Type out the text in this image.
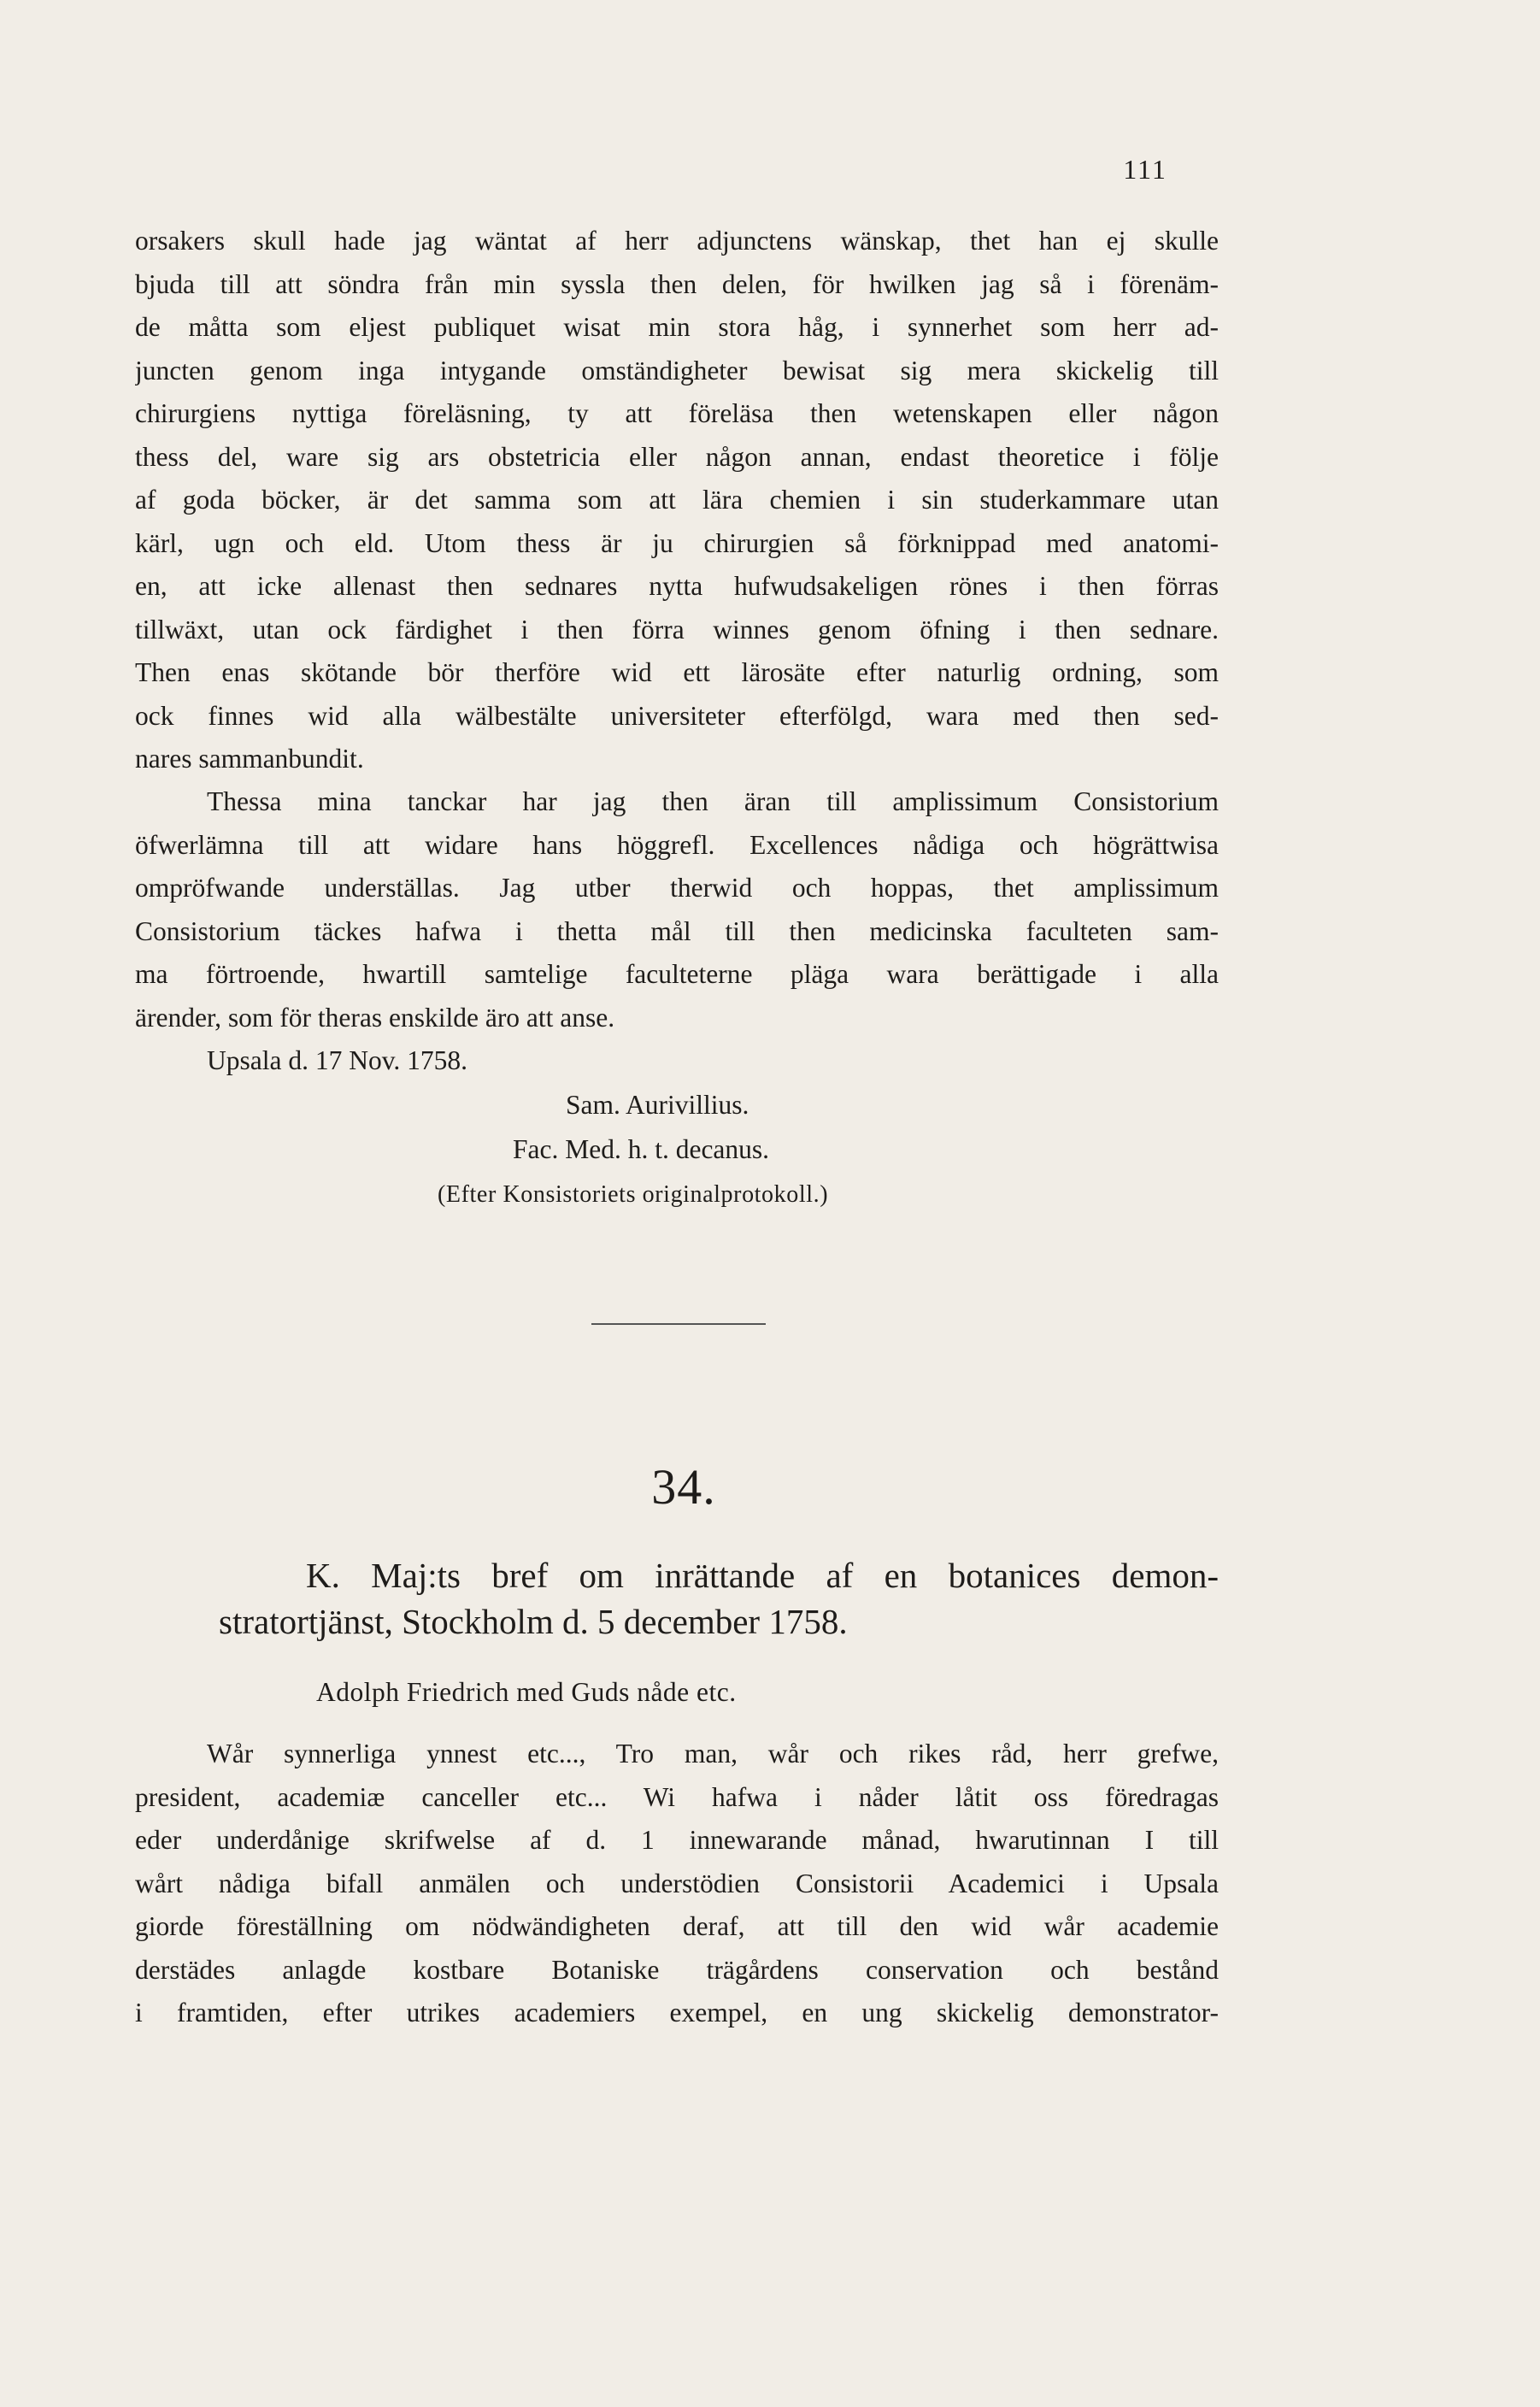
111
orsakers skull hade jag wäntat af herr adjunctens wänskap, thet han ej skulle
bjuda till att söndra från min syssla then delen, för hwilken jag så i förenäm-
de måtta som eljest publiquet wisat min stora håg, i synnerhet som herr ad-
juncten genom inga intygande omständigheter bewisat sig mera skickelig till
chirurgiens nyttiga föreläsning, ty att föreläsa then wetenskapen eller någon
thess del, ware sig ars obstetricia eller någon annan, endast theoretice i följe
af goda böcker, är det samma som att lära chemien i sin studerkammare utan
kärl, ugn och eld. Utom thess är ju chirurgien så förknippad med anatomi-
en, att icke allenast then sednares nytta hufwudsakeligen rönes i then förras
tillwäxt, utan ock färdighet i then förra winnes genom öfning i then sednare.
Then enas skötande bör therföre wid ett lärosäte efter naturlig ordning, som
ock finnes wid alla wälbestälte universiteter efterfölgd, wara med then sed-
nares sammanbundit.
Thessa mina tanckar har jag then äran till amplissimum Consistorium
öfwerlämna till att widare hans höggrefl. Excellences nådiga och högrättwisa
ompröfwande underställas. Jag utber therwid och hoppas, thet amplissimum
Consistorium täckes hafwa i thetta mål till then medicinska faculteten sam-
ma förtroende, hwartill samtelige faculteterne pläga wara berättigade i alla
ärender, som för theras enskilde äro att anse.
Upsala d. 17 Nov. 1758.
Sam. Aurivillius.
Fac. Med. h. t. decanus.
(Efter Konsistoriets originalprotokoll.)
34.
K. Maj:ts bref om inrättande af en botanices demon-
stratortjänst, Stockholm d. 5 december 1758.
Adolph Friedrich med Guds nåde etc.
Wår synnerliga ynnest etc..., Tro man, wår och rikes råd, herr grefwe,
president, academiæ canceller etc... Wi hafwa i nåder låtit oss föredragas
eder underdånige skrifwelse af d. 1 innewarande månad, hwarutinnan I till
wårt nådiga bifall anmälen och understödien Consistorii Academici i Upsala
giorde föreställning om nödwändigheten deraf, att till den wid wår academie
derstädes anlagde kostbare Botaniske trägårdens conservation och bestånd
i framtiden, efter utrikes academiers exempel, en ung skickelig demonstrator-
